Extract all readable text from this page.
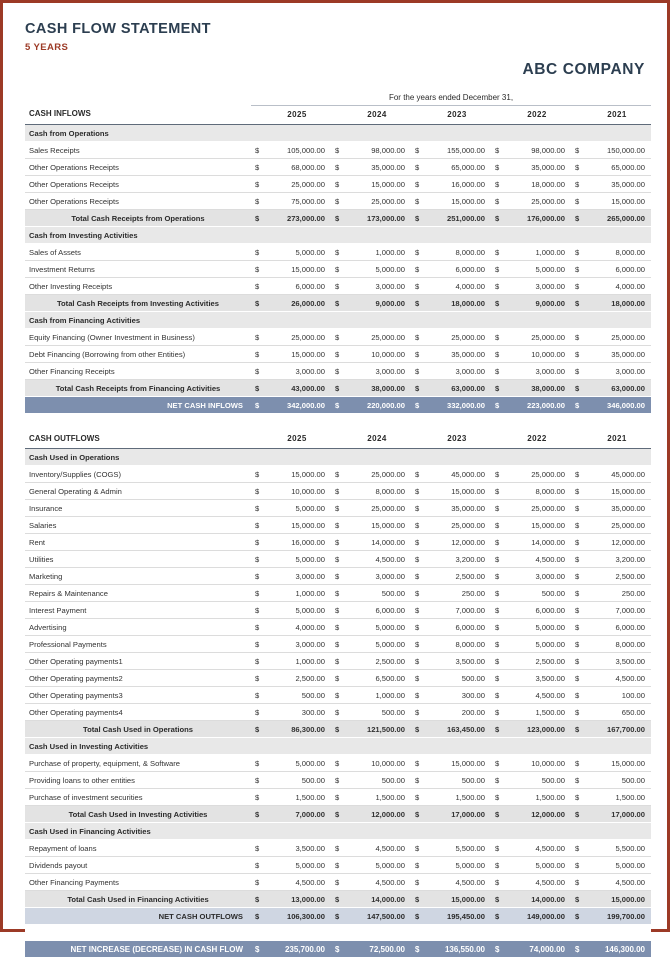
CASH FLOW STATEMENT
5 YEARS
ABC COMPANY
	For the years ended December 31,									
CASH INFLOWS		2025		2024		2023		2022		2021
Cash from Operations										
Sales Receipts	$	105,000.00	$	98,000.00	$	155,000.00	$	98,000.00	$	150,000.00
Other Operations Receipts	$	68,000.00	$	35,000.00	$	65,000.00	$	35,000.00	$	65,000.00
Other Operations Receipts	$	25,000.00	$	15,000.00	$	16,000.00	$	18,000.00	$	35,000.00
Other Operations Receipts	$	75,000.00	$	25,000.00	$	15,000.00	$	25,000.00	$	15,000.00
Total Cash Receipts from Operations	$	273,000.00	$	173,000.00	$	251,000.00	$	176,000.00	$	265,000.00
Cash from Investing Activities										
Sales of Assets	$	5,000.00	$	1,000.00	$	8,000.00	$	1,000.00	$	8,000.00
Investment Returns	$	15,000.00	$	5,000.00	$	6,000.00	$	5,000.00	$	6,000.00
Other Investing Receipts	$	6,000.00	$	3,000.00	$	4,000.00	$	3,000.00	$	4,000.00
Total Cash Receipts from Investing Activities	$	26,000.00	$	9,000.00	$	18,000.00	$	9,000.00	$	18,000.00
Cash from Financing Activities										
Equity Financing (Owner Investment in Business)	$	25,000.00	$	25,000.00	$	25,000.00	$	25,000.00	$	25,000.00
Debt Financing (Borrowing from other Entities)	$	15,000.00	$	10,000.00	$	35,000.00	$	10,000.00	$	35,000.00
Other Financing Receipts	$	3,000.00	$	3,000.00	$	3,000.00	$	3,000.00	$	3,000.00
Total Cash Receipts from Financing Activities	$	43,000.00	$	38,000.00	$	63,000.00	$	38,000.00	$	63,000.00
NET CASH INFLOWS	$	342,000.00	$	220,000.00	$	332,000.00	$	223,000.00	$	346,000.00

CASH OUTFLOWS		2025		2024		2023		2022		2021
Cash Used in Operations										
Inventory/Supplies (COGS)	$	15,000.00	$	25,000.00	$	45,000.00	$	25,000.00	$	45,000.00
General Operating & Admin	$	10,000.00	$	8,000.00	$	15,000.00	$	8,000.00	$	15,000.00
Insurance	$	5,000.00	$	25,000.00	$	35,000.00	$	25,000.00	$	35,000.00
Salaries	$	15,000.00	$	15,000.00	$	25,000.00	$	15,000.00	$	25,000.00
Rent	$	16,000.00	$	14,000.00	$	12,000.00	$	14,000.00	$	12,000.00
Utilities	$	5,000.00	$	4,500.00	$	3,200.00	$	4,500.00	$	3,200.00
Marketing	$	3,000.00	$	3,000.00	$	2,500.00	$	3,000.00	$	2,500.00
Repairs & Maintenance	$	1,000.00	$	500.00	$	250.00	$	500.00	$	250.00
Interest Payment	$	5,000.00	$	6,000.00	$	7,000.00	$	6,000.00	$	7,000.00
Advertising	$	4,000.00	$	5,000.00	$	6,000.00	$	5,000.00	$	6,000.00
Professional Payments	$	3,000.00	$	5,000.00	$	8,000.00	$	5,000.00	$	8,000.00
Other Operating payments1	$	1,000.00	$	2,500.00	$	3,500.00	$	2,500.00	$	3,500.00
Other Operating payments2	$	2,500.00	$	6,500.00	$	500.00	$	3,500.00	$	4,500.00
Other Operating payments3	$	500.00	$	1,000.00	$	300.00	$	4,500.00	$	100.00
Other Operating payments4	$	300.00	$	500.00	$	200.00	$	1,500.00	$	650.00
Total Cash Used in Operations	$	86,300.00	$	121,500.00	$	163,450.00	$	123,000.00	$	167,700.00
Cash Used in Investing Activities										
Purchase of property, equipment, & Software	$	5,000.00	$	10,000.00	$	15,000.00	$	10,000.00	$	15,000.00
Providing loans to other entities	$	500.00	$	500.00	$	500.00	$	500.00	$	500.00
Purchase of investment securities	$	1,500.00	$	1,500.00	$	1,500.00	$	1,500.00	$	1,500.00
Total Cash Used in Investing Activities	$	7,000.00	$	12,000.00	$	17,000.00	$	12,000.00	$	17,000.00
Cash Used in Financing Activities										
Repayment of loans	$	3,500.00	$	4,500.00	$	5,500.00	$	4,500.00	$	5,500.00
Dividends payout	$	5,000.00	$	5,000.00	$	5,000.00	$	5,000.00	$	5,000.00
Other Financing Payments	$	4,500.00	$	4,500.00	$	4,500.00	$	4,500.00	$	4,500.00
Total Cash Used in Financing Activities	$	13,000.00	$	14,000.00	$	15,000.00	$	14,000.00	$	15,000.00
NET CASH OUTFLOWS	$	106,300.00	$	147,500.00	$	195,450.00	$	149,000.00	$	199,700.00

NET INCREASE (DECREASE) IN CASH FLOW	$	235,700.00	$	72,500.00	$	136,550.00	$	74,000.00	$	146,300.00
